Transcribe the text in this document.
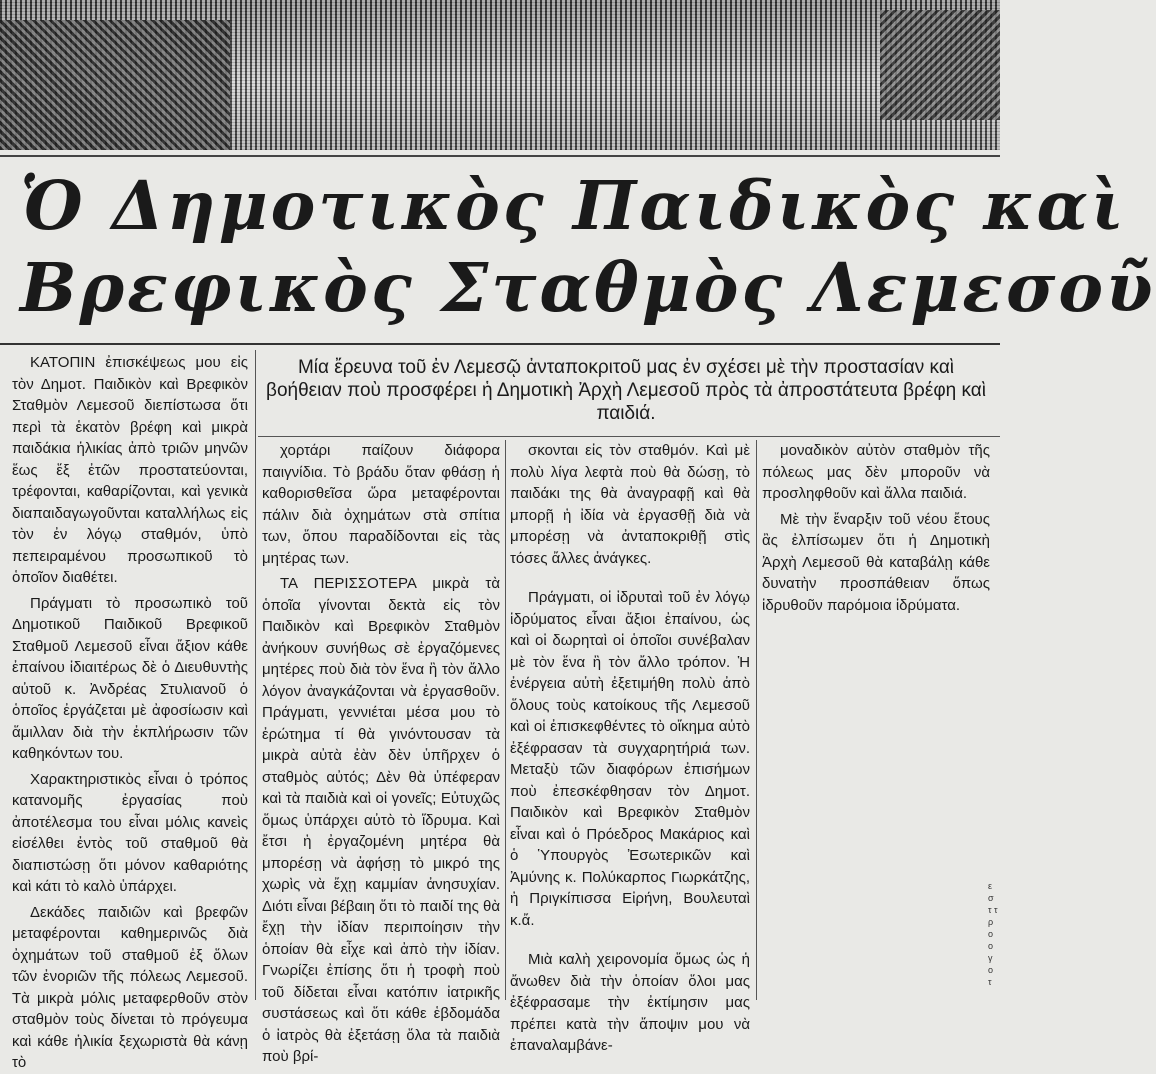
Ὁ Δημοτικὸς Παιδικὸς καὶ
Βρεφικὸς Σταθμὸς Λεμεσοῦ

Μία ἔρευνα τοῦ ἐν Λεμεσῷ ἀνταποκριτοῦ μας ἐν σχέσει μὲ τὴν προστασίαν καὶ βοήθειαν ποὺ προσφέρει ἡ Δημοτικὴ Ἀρχὴ Λεμεσοῦ πρὸς τὰ ἀπροστάτευτα βρέφη καὶ παιδιά.

ΚΑΤΟΠΙΝ ἐπισκέψεως μου εἰς τὸν Δημοτ. Παιδικὸν καὶ Βρεφικὸν Σταθμὸν Λεμεσοῦ διεπίστωσα ὅτι περὶ τὰ ἑκατὸν βρέφη καὶ μικρὰ παιδάκια ἡλικίας ἀπὸ τριῶν μηνῶν ἕως ἕξ ἐτῶν προστατεύονται, τρέφονται, καθαρίζονται, καὶ γενικὰ διαπαιδαγωγοῦνται καταλλήλως εἰς τὸν ἐν λόγῳ σταθμόν, ὑπὸ πεπειραμένου προσωπικοῦ τὸ ὁποῖον διαθέτει.

Πράγματι τὸ προσωπικὸ τοῦ Δημοτικοῦ Παιδικοῦ Βρεφικοῦ Σταθμοῦ Λεμεσοῦ εἶναι ἄξιον κάθε ἐπαίνου ἰδιαιτέρως δὲ ὁ Διευθυντὴς αὐτοῦ κ. Ἀνδρέας Στυλιανοῦ ὁ ὁποῖος ἐργάζεται μὲ ἀφοσίωσιν καὶ ἅμιλλαν διὰ τὴν ἐκπλήρωσιν τῶν καθηκόντων του.

Χαρακτηριστικὸς εἶναι ὁ τρόπος κατανομῆς ἐργασίας ποὺ ἀποτέλεσμα του εἶναι μόλις κανεὶς εἰσέλθει ἐντὸς τοῦ σταθμοῦ θὰ διαπιστώσῃ ὅτι μόνον καθαριότης καὶ κάτι τὸ καλὸ ὑπάρχει.

Δεκάδες παιδιῶν καὶ βρεφῶν μεταφέρονται καθημερινῶς διὰ ὀχημάτων τοῦ σταθμοῦ ἐξ ὅλων τῶν ἐνοριῶν τῆς πόλεως Λεμεσοῦ. Τὰ μικρὰ μόλις μεταφερθοῦν στὸν σταθμὸν τοὺς δίνεται τὸ πρόγευμα καὶ κάθε ἡλικία ξεχωριστὰ θὰ κάνῃ τὸ

χορτάρι παίζουν διάφορα παιγνίδια. Τὸ βράδυ ὅταν φθάσῃ ἡ καθορισθεῖσα ὥρα μεταφέρονται πάλιν διὰ ὀχημάτων στὰ σπίτια των, ὅπου παραδίδονται εἰς τὰς μητέρας των.

ΤΑ ΠΕΡΙΣΣΟΤΕΡΑ μικρὰ τὰ ὁποῖα γίνονται δεκτὰ εἰς τὸν Παιδικὸν καὶ Βρεφικὸν Σταθμὸν ἀνήκουν συνήθως σὲ ἐργαζόμενες μητέρες ποὺ διὰ τὸν ἕνα ἢ τὸν ἄλλο λόγον ἀναγκάζονται νὰ ἐργασθοῦν. Πράγματι, γεννιέται μέσα μου τὸ ἐρώτημα τί θὰ γινόντουσαν τὰ μικρὰ αὐτὰ ἐὰν δὲν ὑπῆρχεν ὁ σταθμὸς αὐτός; Δὲν θὰ ὑπέφεραν καὶ τὰ παιδιὰ καὶ οἱ γονεῖς; Εὐτυχῶς ὅμως ὑπάρχει αὐτὸ τὸ ἵδρυμα. Καὶ ἔτσι ἡ ἐργαζομένη μητέρα θὰ μπορέσῃ νὰ ἀφήσῃ τὸ μικρό της χωρὶς νὰ ἔχῃ καμμίαν ἀνησυχίαν. Διότι εἶναι βέβαιη ὅτι τὸ παιδί της θὰ ἔχῃ τὴν ἰδίαν περιποίησιν τὴν ὁποίαν θὰ εἶχε καὶ ἀπὸ τὴν ἰδίαν. Γνωρίζει ἐπίσης ὅτι ἡ τροφὴ ποὺ τοῦ δίδεται εἶναι κατόπιν ἰατρικῆς συστάσεως καὶ ὅτι κάθε ἑβδομάδα ὁ ἰατρὸς θὰ ἐξετάσῃ ὅλα τὰ παιδιὰ ποὺ βρί-

σκονται εἰς τὸν σταθμόν. Καὶ μὲ πολὺ λίγα λεφτὰ ποὺ θὰ δώσῃ, τὸ παιδάκι της θὰ ἀναγραφῇ καὶ θὰ μπορῇ ἡ ἰδία νὰ ἐργασθῇ διὰ νὰ μπορέσῃ νὰ ἀνταποκριθῇ στὶς τόσες ἄλλες ἀνάγκες.

Πράγματι, οἱ ἱδρυταὶ τοῦ ἐν λόγῳ ἱδρύματος εἶναι ἄξιοι ἐπαίνου, ὡς καὶ οἱ δωρηταὶ οἱ ὁποῖοι συνέβαλαν μὲ τὸν ἕνα ἢ τὸν ἄλλο τρόπον. Ἡ ἐνέργεια αὐτὴ ἐξετιμήθη πολὺ ἀπὸ ὅλους τοὺς κατοίκους τῆς Λεμεσοῦ καὶ οἱ ἐπισκεφθέντες τὸ οἴκημα αὐτὸ ἐξέφρασαν τὰ συγχαρητήριά των. Μεταξὺ τῶν διαφόρων ἐπισήμων ποὺ ἐπεσκέφθησαν τὸν Δημοτ. Παιδικὸν καὶ Βρεφικὸν Σταθμὸν εἶναι καὶ ὁ Πρόεδρος Μακάριος καὶ ὁ Ὑπουργὸς Ἐσωτερικῶν καὶ Ἀμύνης κ. Πολύκαρπος Γιωρκάτζης, ἡ Πριγκίπισσα Εἰρήνη, Βουλευταὶ κ.ἄ.

Μιὰ καλὴ χειρονομία ὅμως ὡς ἡ ἄνωθεν διὰ τὴν ὁποίαν ὅλοι μας ἐξέφρασαμε τὴν ἐκτίμησιν μας πρέπει κατὰ τὴν ἄποψιν μου νὰ ἐπαναλαμβάνε-

μοναδικὸν αὐτὸν σταθμὸν τῆς πόλεως μας δὲν μποροῦν νὰ προσληφθοῦν καὶ ἄλλα παιδιά.

Μὲ τὴν ἔναρξιν τοῦ νέου ἔτους ἂς ἐλπίσωμεν ὅτι ἡ Δημοτικὴ Ἀρχὴ Λεμεσοῦ θὰ καταβάλῃ κάθε δυνατὴν προσπάθειαν ὅπως ἱδρυθοῦν παρόμοια ἱδρύματα.

ε σ τ τ ρ ο ο γ ο τ
